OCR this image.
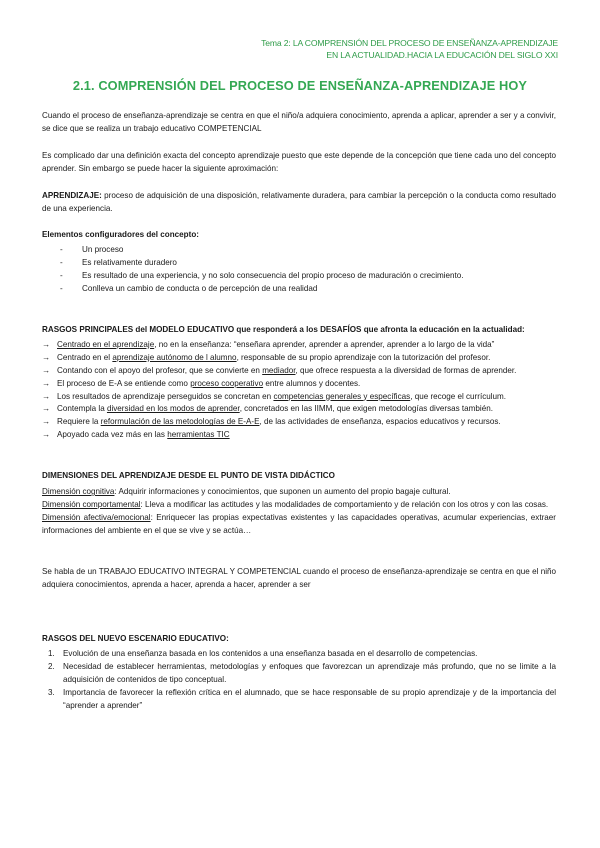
Tema 2: LA COMPRENSIÓN DEL PROCESO DE ENSEÑANZA-APRENDIZAJE
EN LA ACTUALIDAD.HACIA LA EDUCACIÓN DEL SIGLO XXI
2.1. COMPRENSIÓN DEL PROCESO DE ENSEÑANZA-APRENDIZAJE HOY

Cuando el proceso de enseñanza-aprendizaje se centra en que el niño/a adquiera conocimiento, aprenda a aplicar, aprender a ser y a convivir, se dice que se realiza un trabajo educativo COMPETENCIAL

Es complicado dar una definición exacta del concepto aprendizaje puesto que este depende de la concepción que tiene cada uno del concepto aprender. Sin embargo se puede hacer la siguiente aproximación:

APRENDIZAJE: proceso de adquisición de una disposición, relativamente duradera, para cambiar la percepción o la conducta como resultado de una experiencia.

Elementos configuradores del concepto:

- Un proceso
- Es relativamente duradero
- Es resultado de una experiencia, y no solo consecuencia del propio proceso de maduración o crecimiento.
- Conlleva un cambio de conducta o de percepción de una realidad

RASGOS PRINCIPALES del MODELO EDUCATIVO que responderá a los DESAFÍOS que afronta la educación en la actualidad:

→ Centrado en el aprendizaje, no en la enseñanza: “enseñara aprender, aprender a aprender, aprender a lo largo de la vida”
→ Centrado en el aprendizaje autónomo de l alumno, responsable de su propio aprendizaje con la tutorización del profesor.
→ Contando con el apoyo del profesor, que se convierte en mediador, que ofrece respuesta a la diversidad de formas de aprender.
→ El proceso de E-A se entiende como proceso cooperativo entre alumnos y docentes.
→ Los resultados de aprendizaje perseguidos se concretan en competencias generales y específicas, que recoge el currículum.
→ Contempla la diversidad en los modos de aprender, concretados en las IIMM, que exigen metodologías diversas también.
→ Requiere la reformulación de las metodologías de E-A-E, de las actividades de enseñanza, espacios educativos y recursos.
→ Apoyado cada vez más en las herramientas TIC

DIMENSIONES DEL APRENDIZAJE DESDE EL PUNTO DE VISTA DIDÁCTICO

Dimensión cognitiva: Adquirir informaciones y conocimientos, que suponen un aumento del propio bagaje cultural.

Dimensión comportamental: Lleva a modificar las actitudes y las modalidades de comportamiento y de relación con los otros y con las cosas.

Dimensión afectiva/emocional: Enriquecer las propias expectativas existentes y las capacidades operativas, acumular experiencias, extraer informaciones del ambiente en el que se vive y se actúa…

Se habla de un TRABAJO EDUCATIVO INTEGRAL Y COMPETENCIAL cuando el proceso de enseñanza-aprendizaje se centra en que el niño adquiera conocimientos, aprenda a hacer, aprenda a hacer, aprender a ser

RASGOS DEL NUEVO ESCENARIO EDUCATIVO:

1. Evolución de una enseñanza basada en los contenidos a una enseñanza basada en el desarrollo de competencias.
2. Necesidad de establecer herramientas, metodologías y enfoques que favorezcan un aprendizaje más profundo, que no se limite a la adquisición de contenidos de tipo conceptual.
3. Importancia de favorecer la reflexión crítica en el alumnado, que se hace responsable de su propio aprendizaje y de la importancia del “aprender a aprender”
